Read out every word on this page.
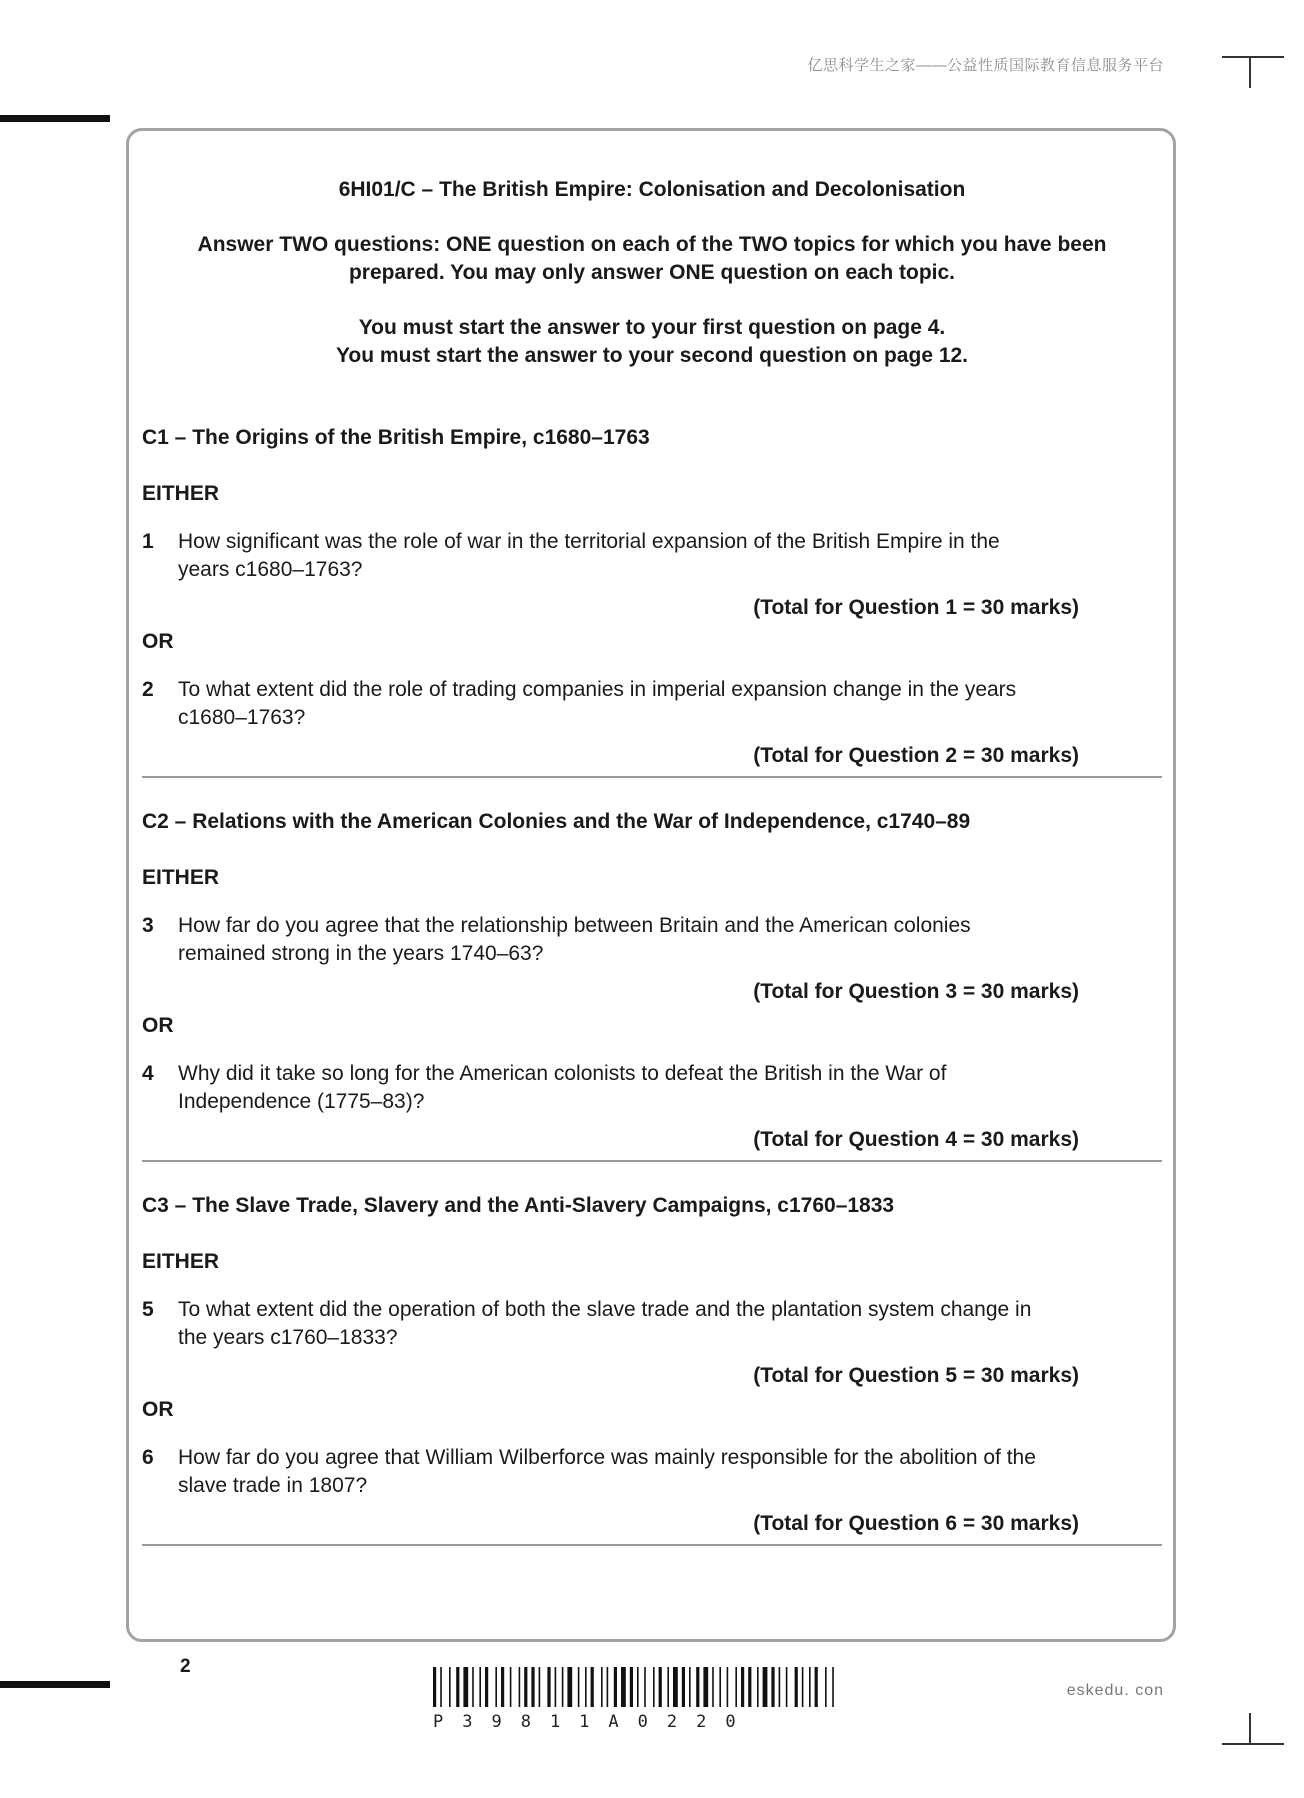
亿思科学生之家——公益性质国际教育信息服务平台
6HI01/C – The British Empire: Colonisation and Decolonisation
Answer TWO questions: ONE question on each of the TWO topics for which you have been
prepared. You may only answer ONE question on each topic.
You must start the answer to your first question on page 4.
You must start the answer to your second question on page 12.
C1 – The Origins of the British Empire, c1680–1763
EITHER
1	How significant was the role of war in the territorial expansion of the British Empire in the years c1680–1763?
(Total for Question 1 = 30 marks)
OR
2	To what extent did the role of trading companies in imperial expansion change in the years c1680–1763?
(Total for Question 2 = 30 marks)
C2 – Relations with the American Colonies and the War of Independence, c1740–89
EITHER
3	How far do you agree that the relationship between Britain and the American colonies remained strong in the years 1740–63?
(Total for Question 3 = 30 marks)
OR
4	Why did it take so long for the American colonists to defeat the British in the War of Independence (1775–83)?
(Total for Question 4 = 30 marks)
C3 – The Slave Trade, Slavery and the Anti-Slavery Campaigns, c1760–1833
EITHER
5	To what extent did the operation of both the slave trade and the plantation system change in the years c1760–1833?
(Total for Question 5 = 30 marks)
OR
6	How far do you agree that William Wilberforce was mainly responsible for the abolition of the slave trade in 1807?
(Total for Question 6 = 30 marks)
2
P39811A0220
eskedu. con
